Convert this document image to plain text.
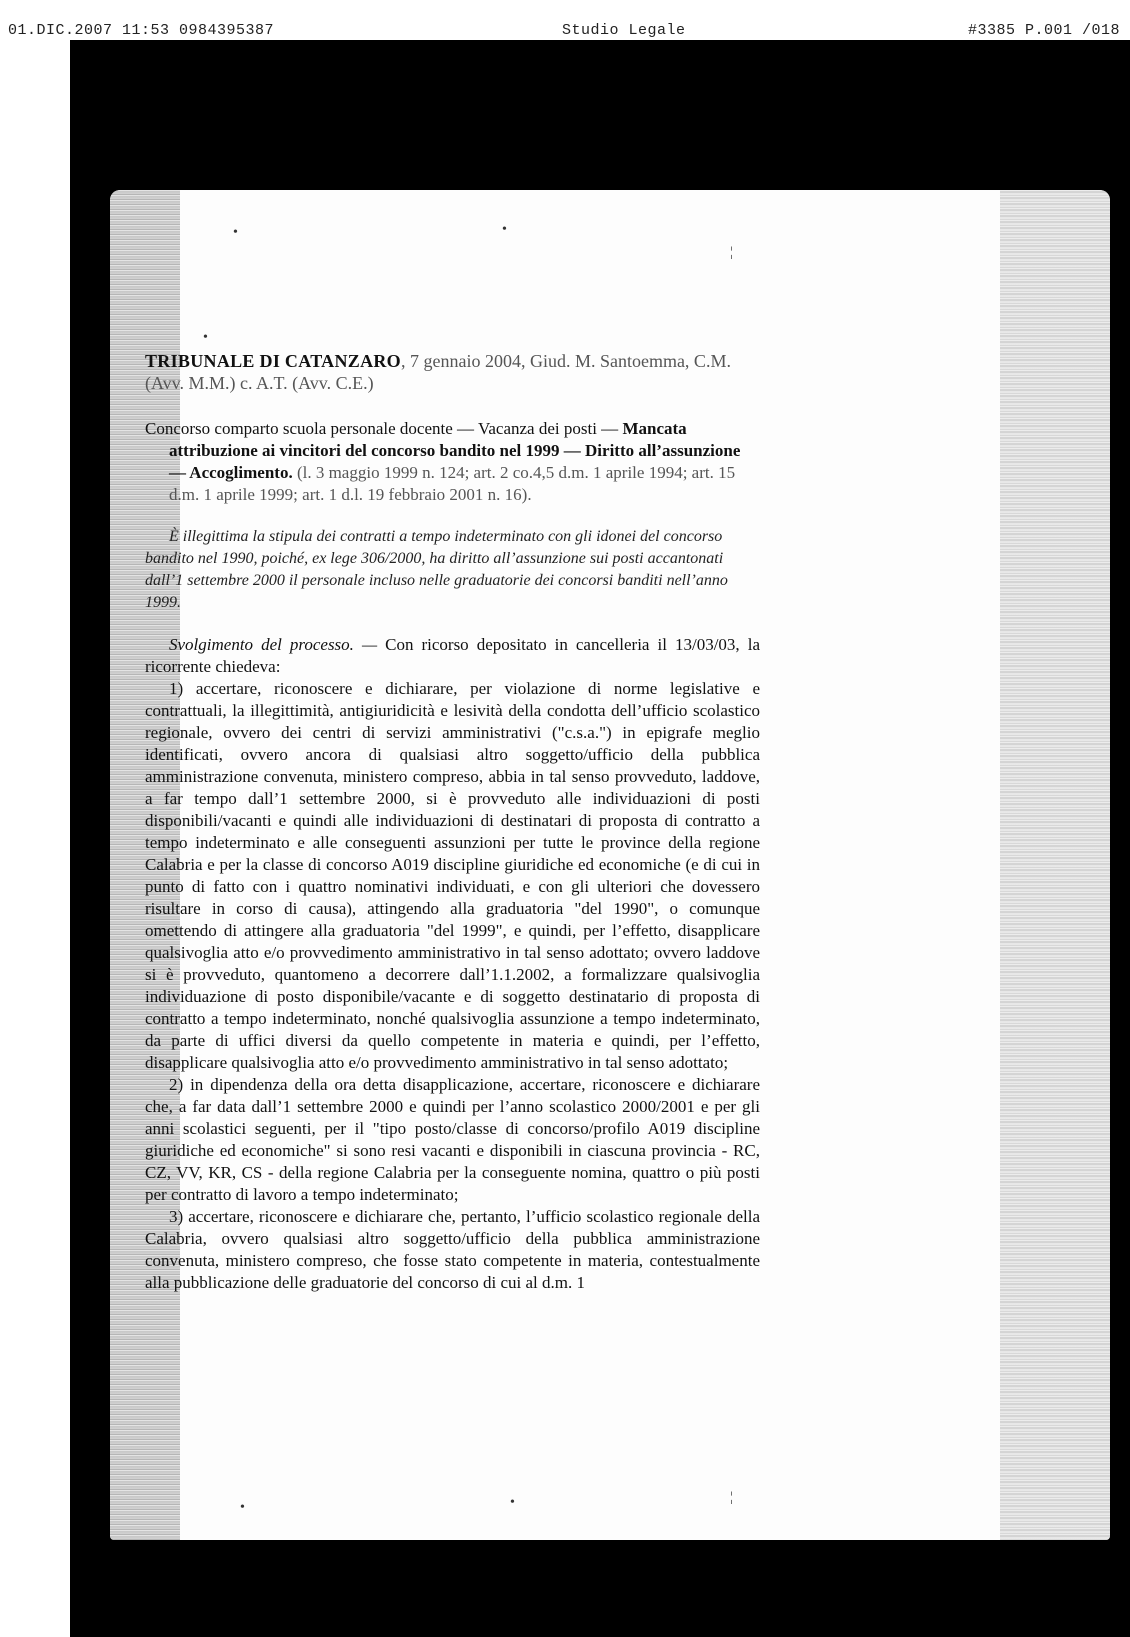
01.DIC.2007 11:53 0984395387	Studio Legale	#3385 P.001 /018
•	•
¦
•
¦
•	•

TRIBUNALE DI CATANZARO, 7 gennaio 2004, Giud. M. Santoemma, C.M. (Avv. M.M.) c. A.T. (Avv. C.E.)

Concorso comparto scuola personale docente — Vacanza dei posti — Mancata attribuzione ai vincitori del concorso bandito nel 1999 — Diritto all’assunzione — Accoglimento. (l. 3 maggio 1999 n. 124; art. 2 co.4,5 d.m. 1 aprile 1994; art. 15 d.m. 1 aprile 1999; art. 1 d.l. 19 febbraio 2001 n. 16).

È illegittima la stipula dei contratti a tempo indeterminato con gli idonei del concorso bandito nel 1990, poiché, ex lege 306/2000, ha diritto all’assunzione sui posti accantonati dall’1 settembre 2000 il personale incluso nelle graduatorie dei concorsi banditi nell’anno 1999.

Svolgimento del processo. — Con ricorso depositato in cancelleria il 13/03/03, la ricorrente chiedeva:

1) accertare, riconoscere e dichiarare, per violazione di norme legislative e contrattuali, la illegittimità, antigiuridicità e lesività della condotta dell’ufficio scolastico regionale, ovvero dei centri di servizi amministrativi ("c.s.a.") in epigrafe meglio identificati, ovvero ancora di qualsiasi altro soggetto/ufficio della pubblica amministrazione convenuta, ministero compreso, abbia in tal senso provveduto, laddove, a far tempo dall’1 settembre 2000, si è provveduto alle individuazioni di posti disponibili/vacanti e quindi alle individuazioni di destinatari di proposta di contratto a tempo indeterminato e alle conseguenti assunzioni per tutte le province della regione Calabria e per la classe di concorso A019 discipline giuridiche ed economiche (e di cui in punto di fatto con i quattro nominativi individuati, e con gli ulteriori che dovessero risultare in corso di causa), attingendo alla graduatoria "del 1990", o comunque omettendo di attingere alla graduatoria "del 1999", e quindi, per l’effetto, disapplicare qualsivoglia atto e/o provvedimento amministrativo in tal senso adottato; ovvero laddove si è provveduto, quantomeno a decorrere dall’1.1.2002, a formalizzare qualsivoglia individuazione di posto disponibile/vacante e di soggetto destinatario di proposta di contratto a tempo indeterminato, nonché qualsivoglia assunzione a tempo indeterminato, da parte di uffici diversi da quello competente in materia e quindi, per l’effetto, disapplicare qualsivoglia atto e/o provvedimento amministrativo in tal senso adottato;

2) in dipendenza della ora detta disapplicazione, accertare, riconoscere e dichiarare che, a far data dall’1 settembre 2000 e quindi per l’anno scolastico 2000/2001 e per gli anni scolastici seguenti, per il "tipo posto/classe di concorso/profilo A019 discipline giuridiche ed economiche" si sono resi vacanti e disponibili in ciascuna provincia - RC, CZ, VV, KR, CS - della regione Calabria per la conseguente nomina, quattro o più posti per contratto di lavoro a tempo indeterminato;

3) accertare, riconoscere e dichiarare che, pertanto, l’ufficio scolastico regionale della Calabria, ovvero qualsiasi altro soggetto/ufficio della pubblica amministrazione convenuta, ministero compreso, che fosse stato competente in materia, contestualmente alla pubblicazione delle graduatorie del concorso di cui al d.m. 1
